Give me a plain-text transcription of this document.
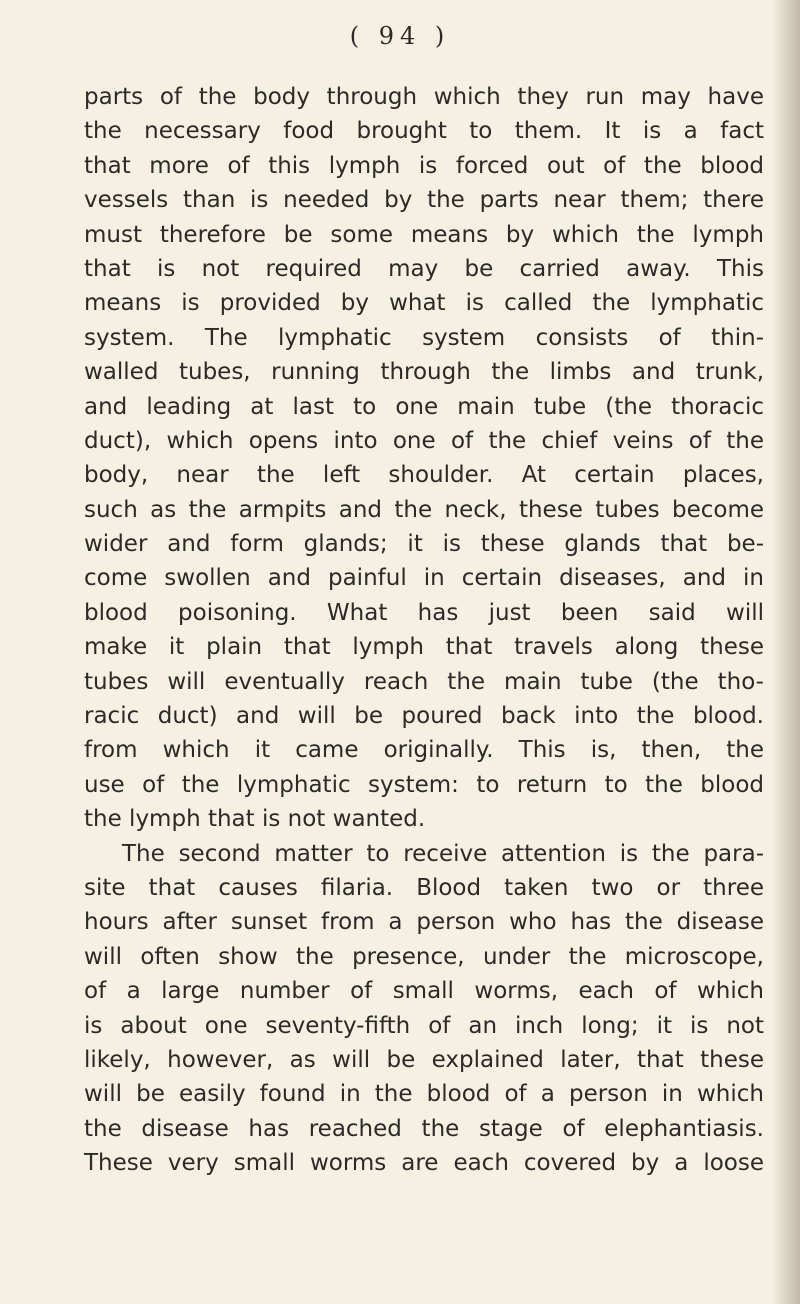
( 94 )
parts of the body through which they run may have
the necessary food brought to them. It is a fact
that more of this lymph is forced out of the blood
vessels than is needed by the parts near them; there
must therefore be some means by which the lymph
that is not required may be carried away. This
means is provided by what is called the lymphatic
system. The lymphatic system consists of thin-
walled tubes, running through the limbs and trunk,
and leading at last to one main tube (the thoracic
duct), which opens into one of the chief veins of the
body, near the left shoulder. At certain places,
such as the armpits and the neck, these tubes become
wider and form glands; it is these glands that be-
come swollen and painful in certain diseases, and in
blood poisoning. What has just been said will
make it plain that lymph that travels along these
tubes will eventually reach the main tube (the tho-
racic duct) and will be poured back into the blood.
from which it came originally. This is, then, the
use of the lymphatic system: to return to the blood
the lymph that is not wanted.
The second matter to receive attention is the para-
site that causes filaria. Blood taken two or three
hours after sunset from a person who has the disease
will often show the presence, under the microscope,
of a large number of small worms, each of which
is about one seventy-fifth of an inch long; it is not
likely, however, as will be explained later, that these
will be easily found in the blood of a person in which
the disease has reached the stage of elephantiasis.
These very small worms are each covered by a loose
